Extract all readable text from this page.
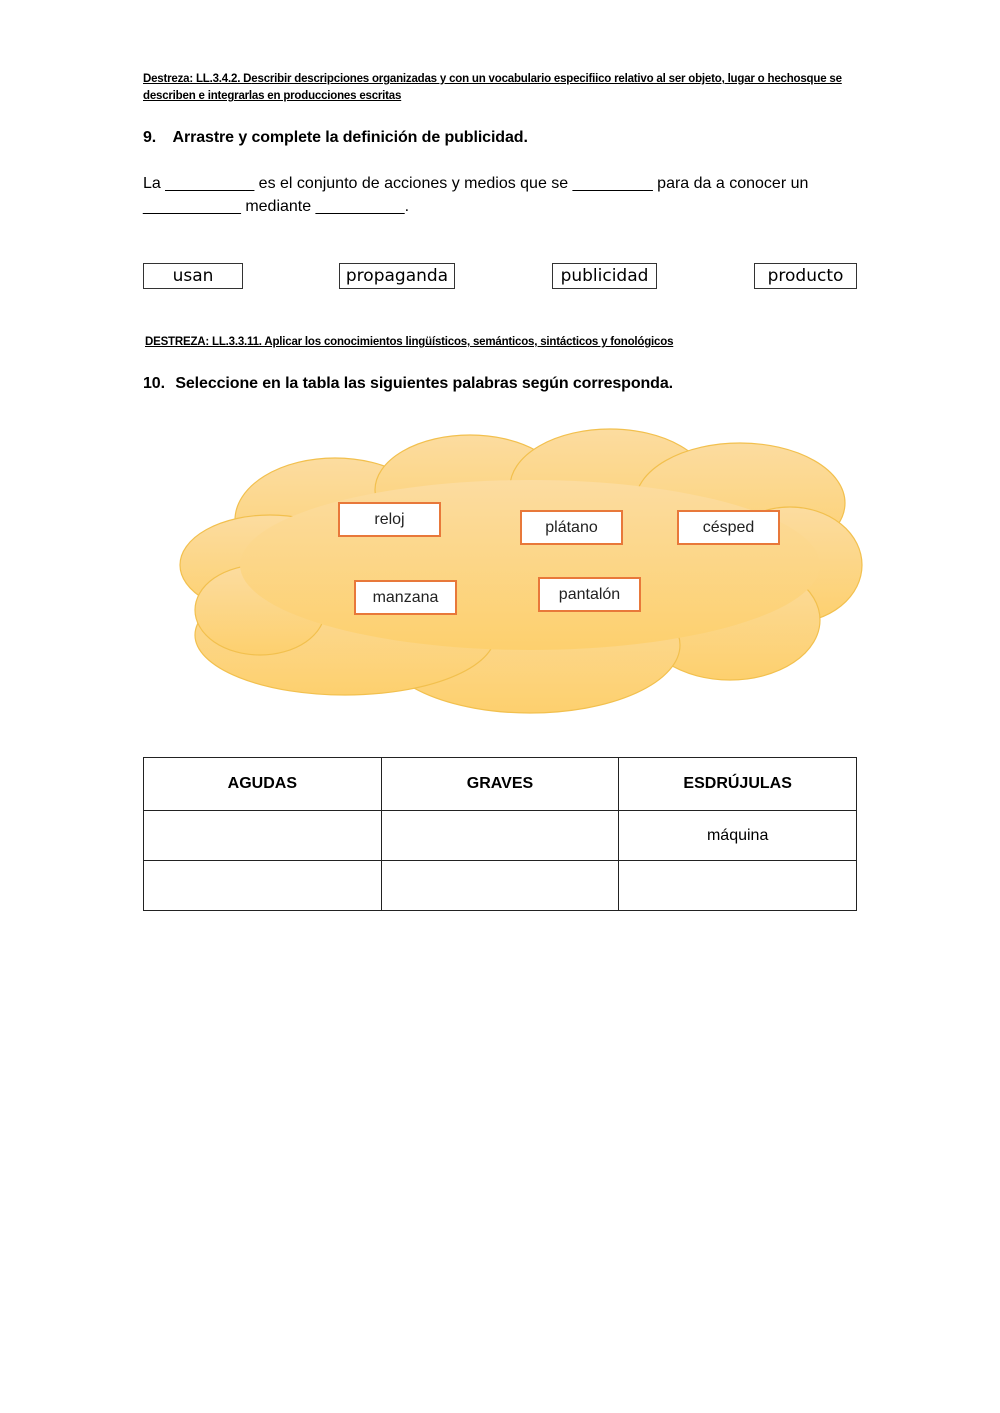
Destreza: LL.3.4.2. Describir descripciones organizadas y con un vocabulario especifiico relativo al ser objeto, lugar o hechosque se describen e integrarlas en producciones escritas
9. Arrastre y complete la definición de publicidad.
La __________ es el conjunto de acciones y medios que se _________ para da a conocer un
___________ mediante __________.
usan	propaganda	publicidad	producto
DESTREZA: LL.3.3.11. Aplicar los conocimientos lingüísticos, semánticos, sintácticos y fonológicos
10. Seleccione en la tabla las siguientes palabras según corresponda.
reloj	plátano	césped
manzana	pantalón
AGUDAS	GRAVES	ESDRÚJULAS
		máquina
